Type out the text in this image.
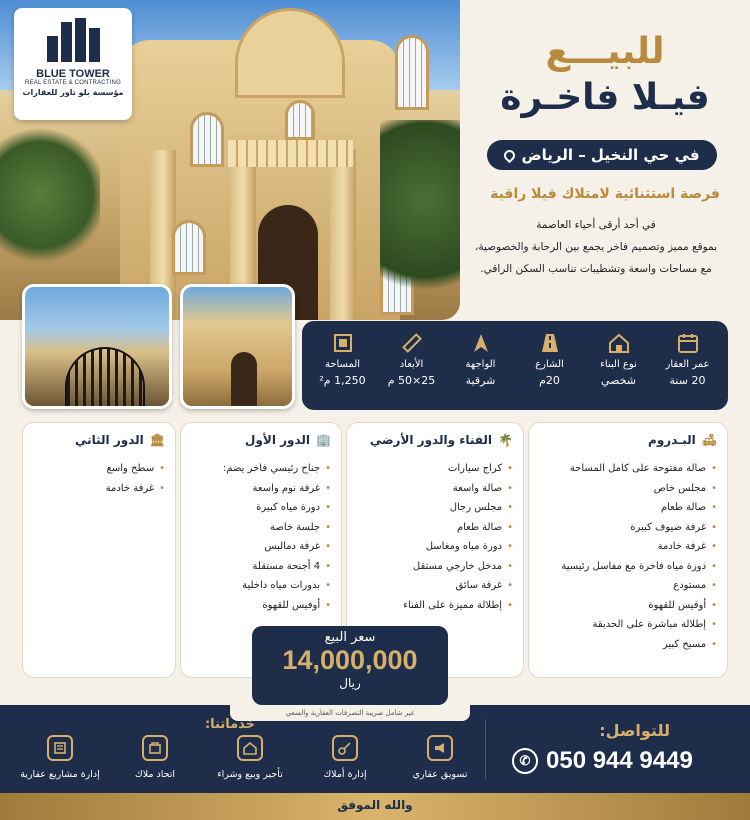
BLUE TOWER
REAL ESTATE & CONTRACTING
مؤسسة بلو تاور للعقارات
للبيـــع
فيـلا فاخـرة
في حي النخيل – الرياض
فرصة استثنائية لامتلاك فيلا راقية
في أحد أرقى أحياء العاصمة
بموقع مميز وتصميم فاخر يجمع بين الرحابة والخصوصية،
مع مساحات واسعة وتشطيبات تناسب السكن الراقي.
عمر العقار
20 سنة
نوع البناء
شخصي
الشارع
20م
الواجهة
شرقية
الأبعاد
25×50 م
المساحة
1,250 م²
🛋
البـدروم
• صالة مفتوحة على كامل المساحة
• مجلس خاص
• صالة طعام
• غرفة ضيوف كبيرة
• غرفة خادمة
• دورة مياه فاخرة مع مفاسل رئيسية
• مستودع
• أوفيس للقهوة
• إطلالة مباشرة على الحديقة
• مسبح كبير
🌴
الفناء والدور الأرضي
• كراج سيارات
• صالة واسعة
• مجلس رجال
• صالة طعام
• دورة مياه ومغاسل
• مدخل خارجي مستقل
• غرفة سائق
• إطلالة مميزة على الفناء
🏢
الدور الأول
• جناح رئيسي فاخر يضم:
• غرفة نوم واسعة
• دورة مياه كبيرة
• جلسة خاصة
• غرفة دمالبس
• 4 أجنحة مستقلة
• بدورات مياه داخلية
• أوفيس للقهوة
🏛
الدور الثاني
• سطح واسع
• غرفة خادمة
للتواصل:
✆ 050 944 9449
خدماتنا:
تسويق عقاري
إدارة أملاك
تأجير وبيع وشراء
اتحاد ملاك
إدارة مشاريع عقارية
سعر البيع
14,000,000
ريال
غير شامل ضريبة التصرفات العقارية والسعي
والله الموفق
